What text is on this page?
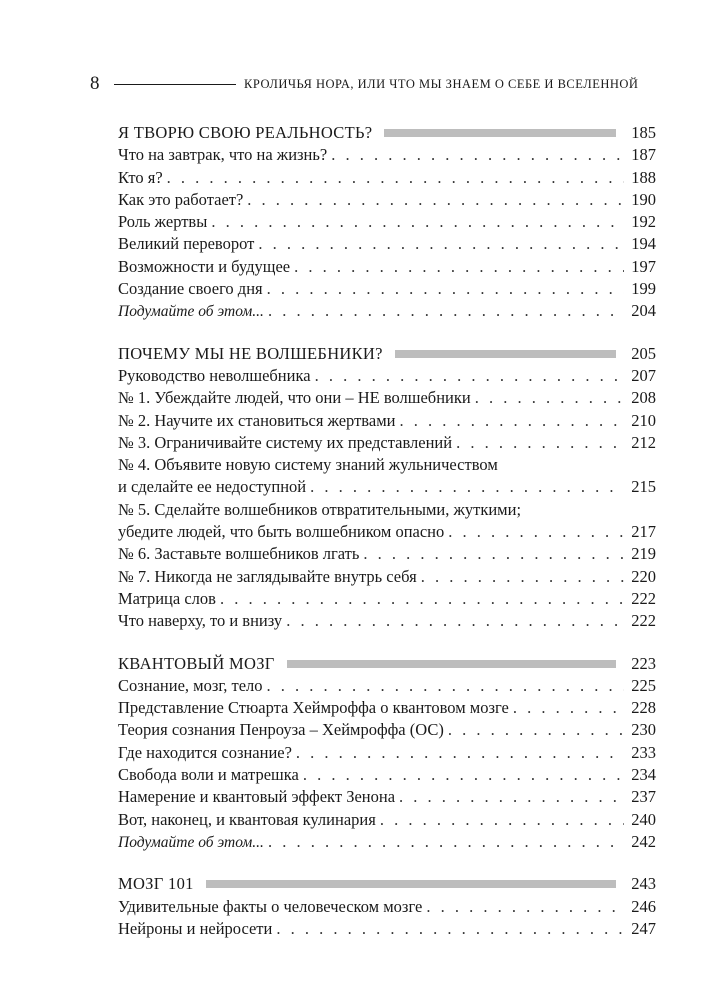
8	КРОЛИЧЬЯ НОРА, ИЛИ ЧТО МЫ ЗНАЕМ О СЕБЕ И ВСЕЛЕННОЙ
Я ТВОРЮ СВОЮ РЕАЛЬНОСТЬ?	185
Что на завтрак, что на жизнь? . . .	187
Кто я? . . .	188
Как это работает? . . .	190
Роль жертвы . . .	192
Великий переворот . . .	194
Возможности и будущее . . .	197
Создание своего дня . . .	199
Подумайте об этом... . . .	204
ПОЧЕМУ МЫ НЕ ВОЛШЕБНИКИ?	205
Руководство неволшебника . . .	207
№ 1. Убеждайте людей, что они – НЕ волшебники . . .	208
№ 2. Научите их становиться жертвами . . .	210
№ 3. Ограничивайте систему их представлений . . .	212
№ 4. Объявите новую систему знаний жульничеством
и сделайте ее недоступной . . .	215
№ 5. Сделайте волшебников отвратительными, жуткими;
убедите людей, что быть волшебником опасно . . .	217
№ 6. Заставьте волшебников лгать . . .	219
№ 7. Никогда не заглядывайте внутрь себя . . .	220
Матрица слов . . .	222
Что наверху, то и внизу . . .	222
КВАНТОВЫЙ МОЗГ	223
Сознание, мозг, тело . . .	225
Представление Стюарта Хеймроффа о квантовом мозге . . .	228
Теория сознания Пенроуза – Хеймроффа (ОС) . . .	230
Где находится сознание? . . .	233
Свобода воли и матрешка . . .	234
Намерение и квантовый эффект Зенона . . .	237
Вот, наконец, и квантовая кулинария . . .	240
Подумайте об этом... . . .	242
МОЗГ 101	243
Удивительные факты о человеческом мозге . . .	246
Нейроны и нейросети . . .	247
